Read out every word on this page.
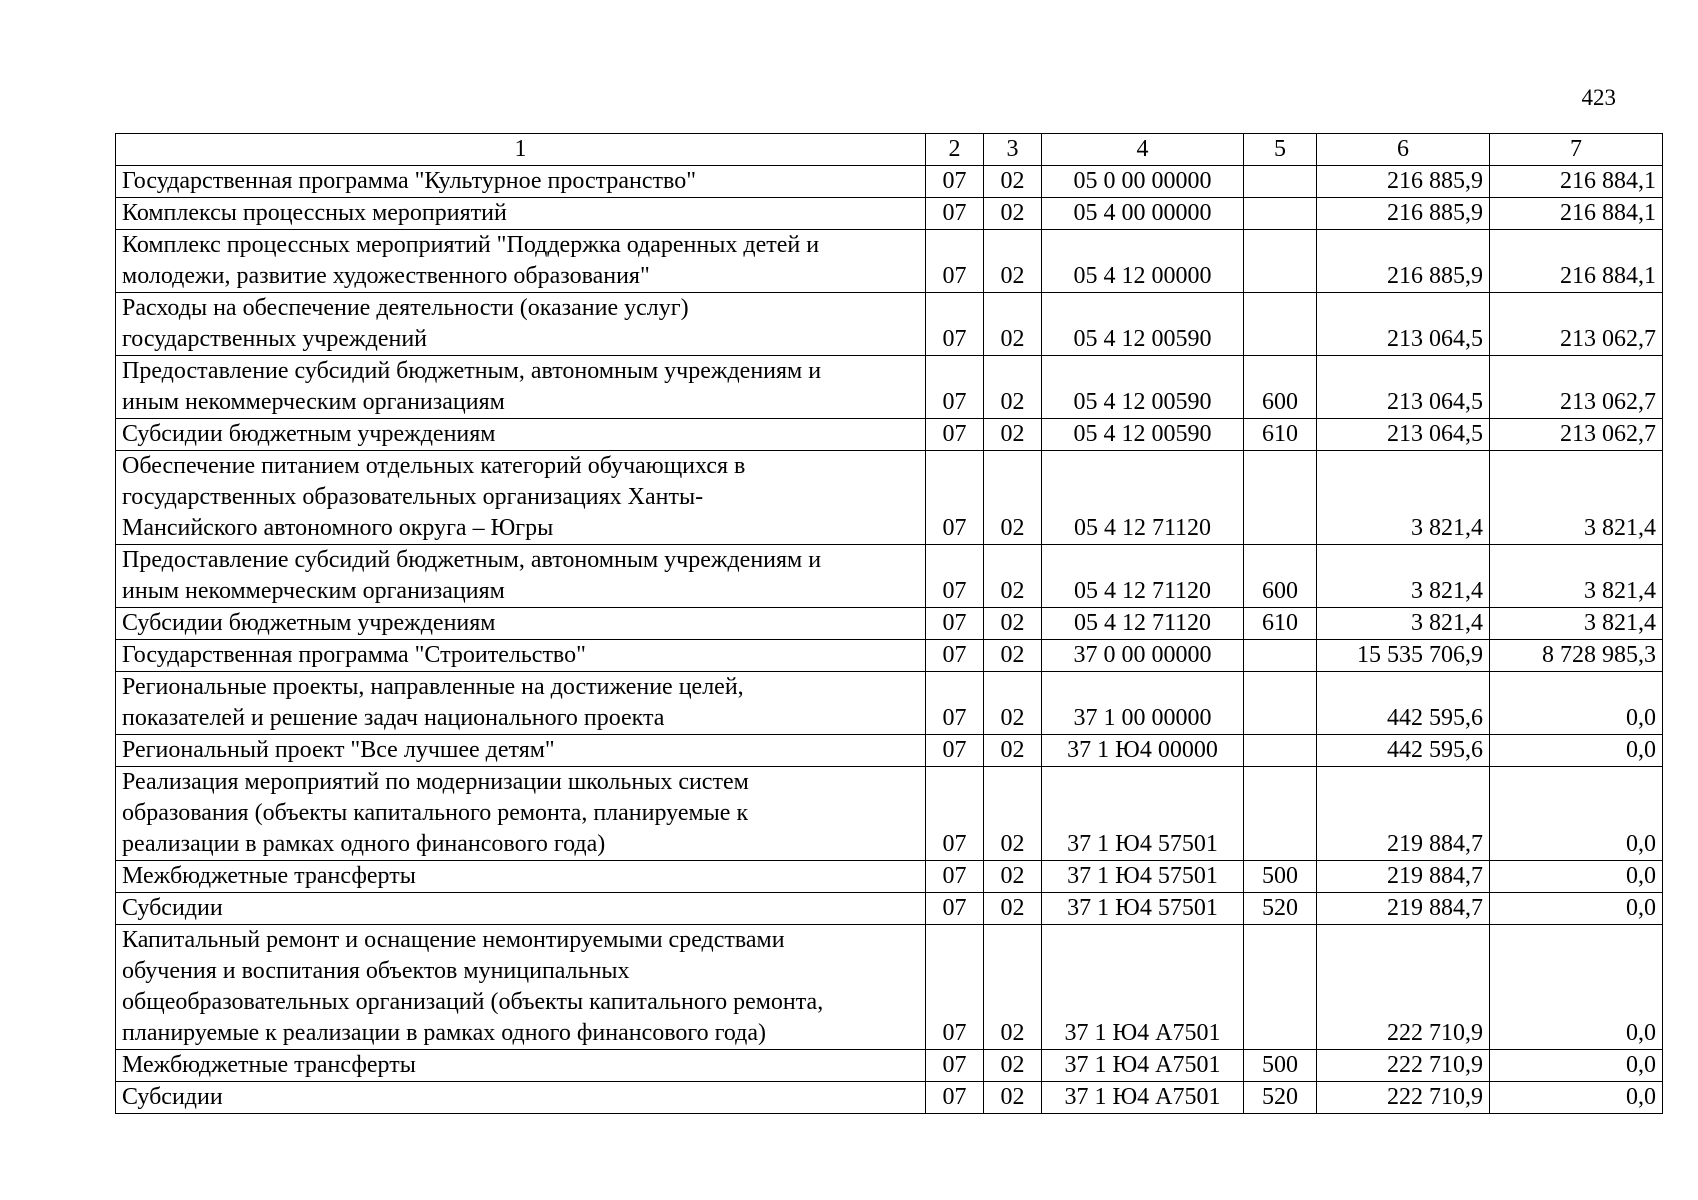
423
1	2	3	4	5	6	7
Государственная программа "Культурное пространство"	07	02	05 0 00 00000		216 885,9	216 884,1
Комплексы процессных мероприятий	07	02	05 4 00 00000		216 885,9	216 884,1
Комплекс процессных мероприятий "Поддержка одаренных детей и
молодежи, развитие художественного образования"	07	02	05 4 12 00000		216 885,9	216 884,1
Расходы на обеспечение деятельности (оказание услуг)
государственных учреждений	07	02	05 4 12 00590		213 064,5	213 062,7
Предоставление субсидий бюджетным, автономным учреждениям и
иным некоммерческим организациям	07	02	05 4 12 00590	600	213 064,5	213 062,7
Субсидии бюджетным учреждениям	07	02	05 4 12 00590	610	213 064,5	213 062,7
Обеспечение питанием отдельных категорий обучающихся в
государственных образовательных организациях Ханты-
Мансийского автономного округа – Югры	07	02	05 4 12 71120		3 821,4	3 821,4
Предоставление субсидий бюджетным, автономным учреждениям и
иным некоммерческим организациям	07	02	05 4 12 71120	600	3 821,4	3 821,4
Субсидии бюджетным учреждениям	07	02	05 4 12 71120	610	3 821,4	3 821,4
Государственная программа "Строительство"	07	02	37 0 00 00000		15 535 706,9	8 728 985,3
Региональные проекты, направленные на достижение целей,
показателей и решение задач национального проекта	07	02	37 1 00 00000		442 595,6	0,0
Региональный проект "Все лучшее детям"	07	02	37 1 Ю4 00000		442 595,6	0,0
Реализация мероприятий по модернизации школьных систем
образования (объекты капитального ремонта, планируемые к
реализации в рамках одного финансового года)	07	02	37 1 Ю4 57501		219 884,7	0,0
Межбюджетные трансферты	07	02	37 1 Ю4 57501	500	219 884,7	0,0
Субсидии	07	02	37 1 Ю4 57501	520	219 884,7	0,0
Капитальный ремонт и оснащение немонтируемыми средствами
обучения и воспитания объектов муниципальных
общеобразовательных организаций (объекты капитального ремонта,
планируемые к реализации в рамках одного финансового года)	07	02	37 1 Ю4 А7501		222 710,9	0,0
Межбюджетные трансферты	07	02	37 1 Ю4 А7501	500	222 710,9	0,0
Субсидии	07	02	37 1 Ю4 А7501	520	222 710,9	0,0
